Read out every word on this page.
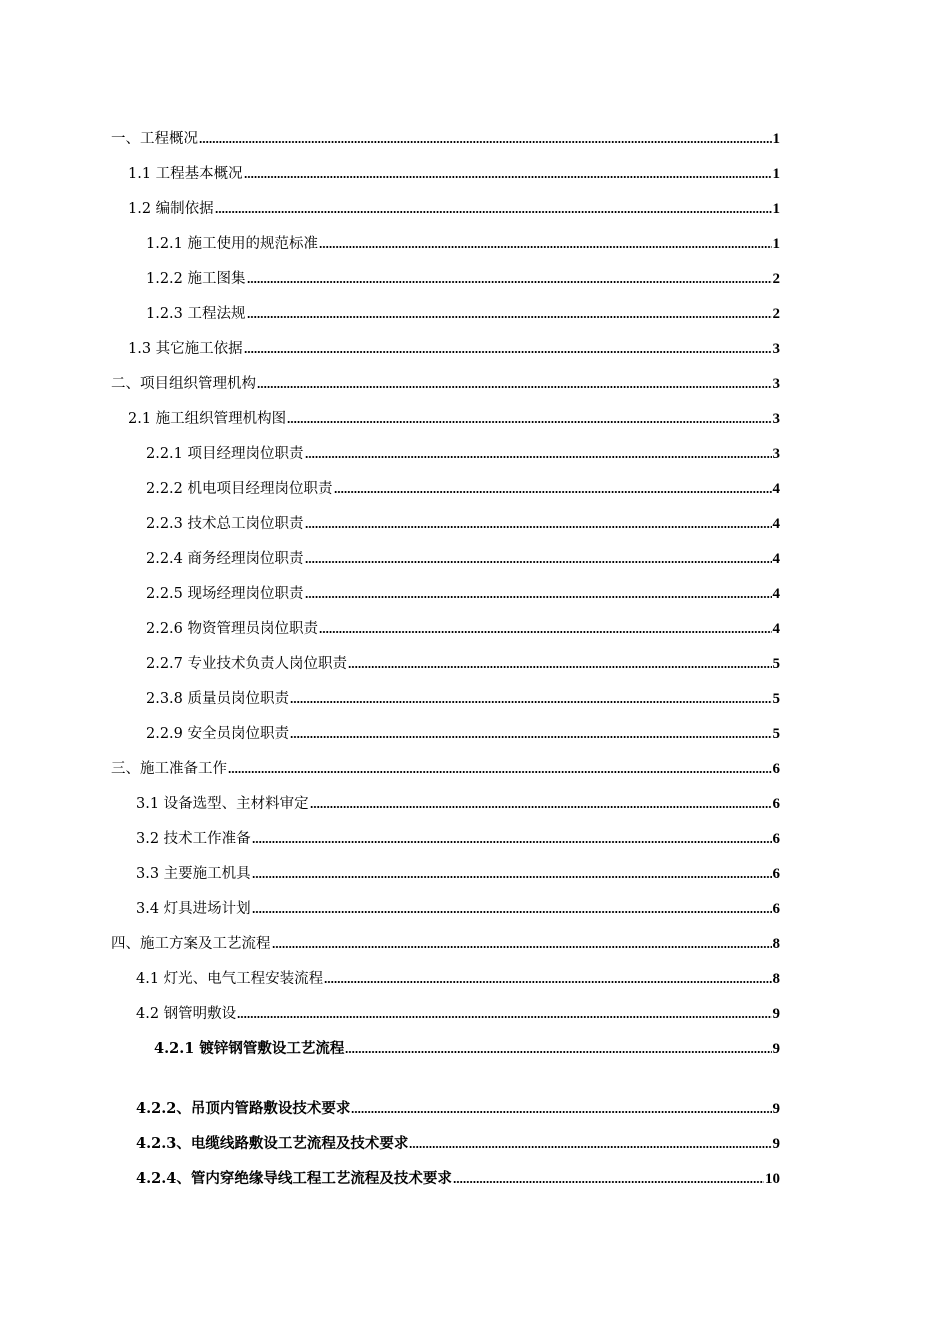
一、工程概况	1
1.1 工程基本概况	1
1.2 编制依据	1
1.2.1 施工使用的规范标准	1
1.2.2 施工图集	2
1.2.3 工程法规	2
1.3 其它施工依据	3
二、项目组织管理机构	3
2.1 施工组织管理机构图	3
2.2.1 项目经理岗位职责	3
2.2.2 机电项目经理岗位职责	4
2.2.3 技术总工岗位职责	4
2.2.4 商务经理岗位职责	4
2.2.5 现场经理岗位职责	4
2.2.6 物资管理员岗位职责	4
2.2.7 专业技术负责人岗位职责	5
2.3.8 质量员岗位职责	5
2.2.9 安全员岗位职责	5
三、施工准备工作	6
3.1 设备选型、主材料审定	6
3.2 技术工作准备	6
3.3 主要施工机具	6
3.4 灯具进场计划	6
四、施工方案及工艺流程	8
4.1 灯光、电气工程安装流程	8
4.2 钢管明敷设	9
4.2.1 镀锌钢管敷设工艺流程	9
4.2.2、吊顶内管路敷设技术要求	9
4.2.3、电缆线路敷设工艺流程及技术要求	9
4.2.4、管内穿绝缘导线工程工艺流程及技术要求	10
